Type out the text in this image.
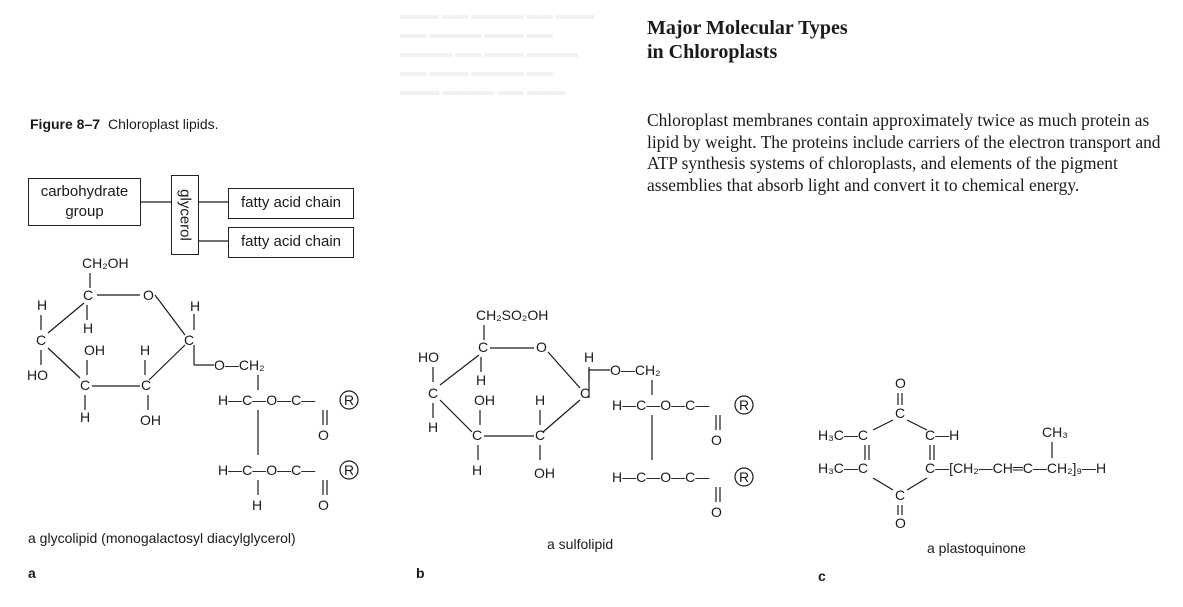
▬▬▬ ▬▬ ▬▬▬▬ ▬▬ ▬▬▬
▬▬ ▬▬▬▬ ▬▬▬ ▬▬
▬▬▬▬ ▬▬ ▬▬▬ ▬▬▬▬
▬▬ ▬▬▬ ▬▬▬▬ ▬▬
▬▬▬ ▬▬▬▬ ▬▬ ▬▬▬
Figure 8–7 Chloroplast lipids.
carbohydrate
group	glycerol	fatty acid chain
fatty acid chain
CH₂OH
C	O
H
H
C
H
C
OH	H
HO
C	C
H	OH
O—CH₂
H—C—O—C— R
O
H—C—O—C— R
O
H
CH₂SO₂OH
C	O
HO
H
C
H
C
OH	H
H C	C
H	OH
O—CH₂
H—C—O—C— R
O
H—C—O—C— R
O
O
C
H₃C—C	C—H
H₃C—C	C—[CH₂—CH═C—CH₂]₉—H
CH₃
C
O
a glycolipid (monogalactosyl diacylglycerol)
a
a sulfolipid
b
a plastoquinone
c
Major Molecular Types
in Chloroplasts
Chloroplast membranes contain approximately twice as much protein as lipid by weight. The proteins include carriers of the electron transport and ATP synthesis systems of chloroplasts, and elements of the pigment assemblies that absorb light and convert it to chemical energy.
